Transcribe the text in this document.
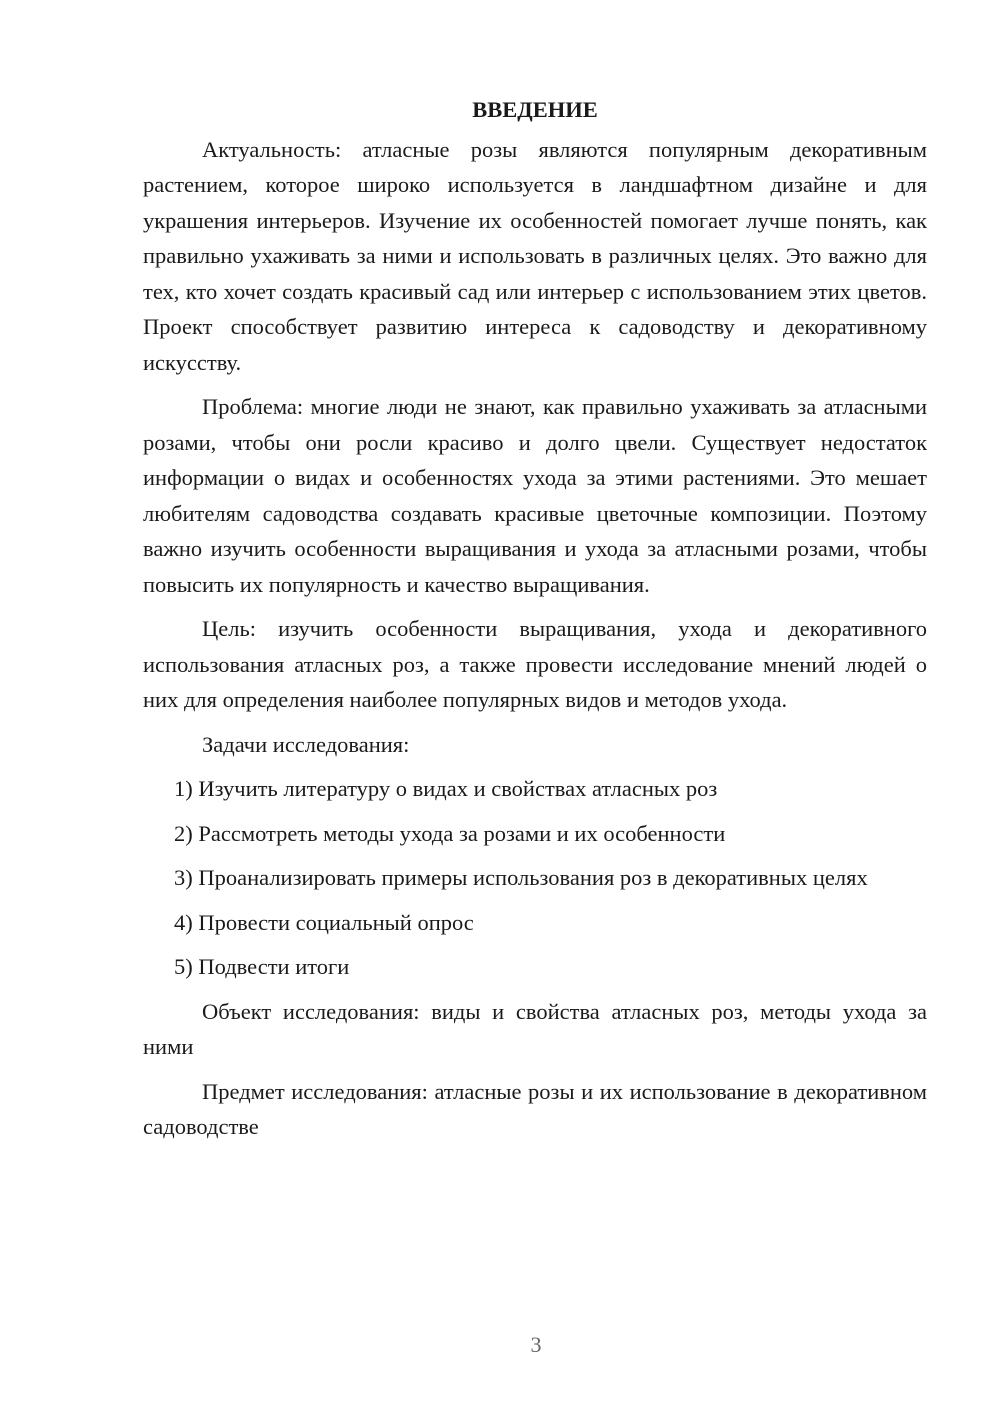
ВВЕДЕНИЕ

Актуальность: атласные розы являются популярным декоративным растением, которое широко используется в ландшафтном дизайне и для украшения интерьеров. Изучение их особенностей помогает лучше понять, как правильно ухаживать за ними и использовать в различных целях. Это важно для тех, кто хочет создать красивый сад или интерьер с использованием этих цветов. Проект способствует развитию интереса к садоводству и декоративному искусству.

Проблема: многие люди не знают, как правильно ухаживать за атласными розами, чтобы они росли красиво и долго цвели. Существует недостаток информации о видах и особенностях ухода за этими растениями. Это мешает любителям садоводства создавать красивые цветочные композиции. Поэтому важно изучить особенности выращивания и ухода за атласными розами, чтобы повысить их популярность и качество выращивания.

Цель: изучить особенности выращивания, ухода и декоративного использования атласных роз, а также провести исследование мнений людей о них для определения наиболее популярных видов и методов ухода.

Задачи исследования:

1) Изучить литературу о видах и свойствах атласных роз

2) Рассмотреть методы ухода за розами и их особенности

3) Проанализировать примеры использования роз в декоративных целях

4) Провести социальный опрос

5) Подвести итоги

Объект исследования: виды и свойства атласных роз, методы ухода за ними

Предмет исследования: атласные розы и их использование в декоративном садоводстве

3
